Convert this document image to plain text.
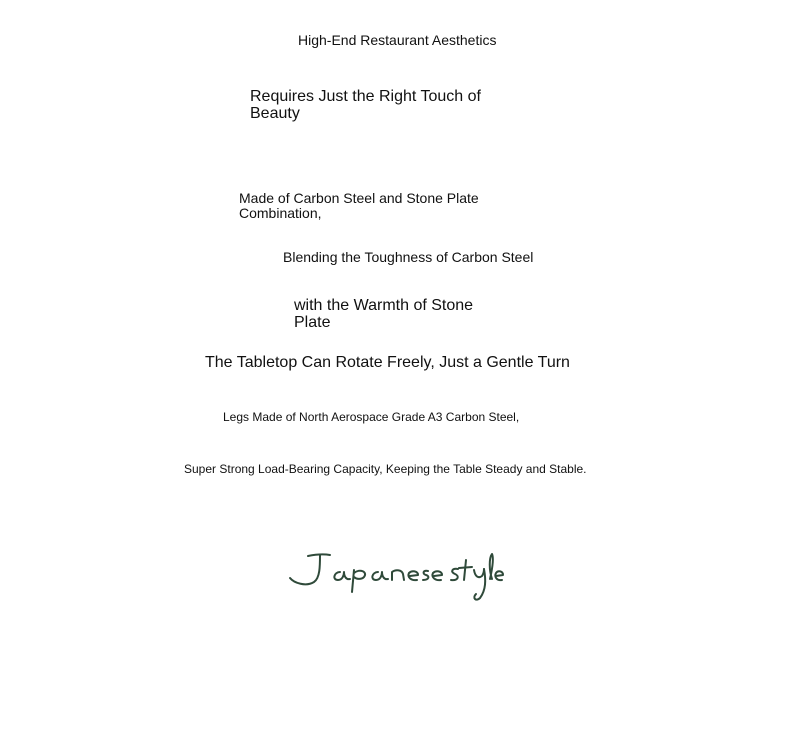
High-End Restaurant Aesthetics

Requires Just the Right Touch of Beauty

Made of Carbon Steel and Stone Plate Combination,

Blending the Toughness of Carbon Steel

with the Warmth of Stone Plate

The Tabletop Can Rotate Freely, Just a Gentle Turn

Legs Made of North Aerospace Grade A3 Carbon Steel,

Super Strong Load-Bearing Capacity, Keeping the Table Steady and Stable.
